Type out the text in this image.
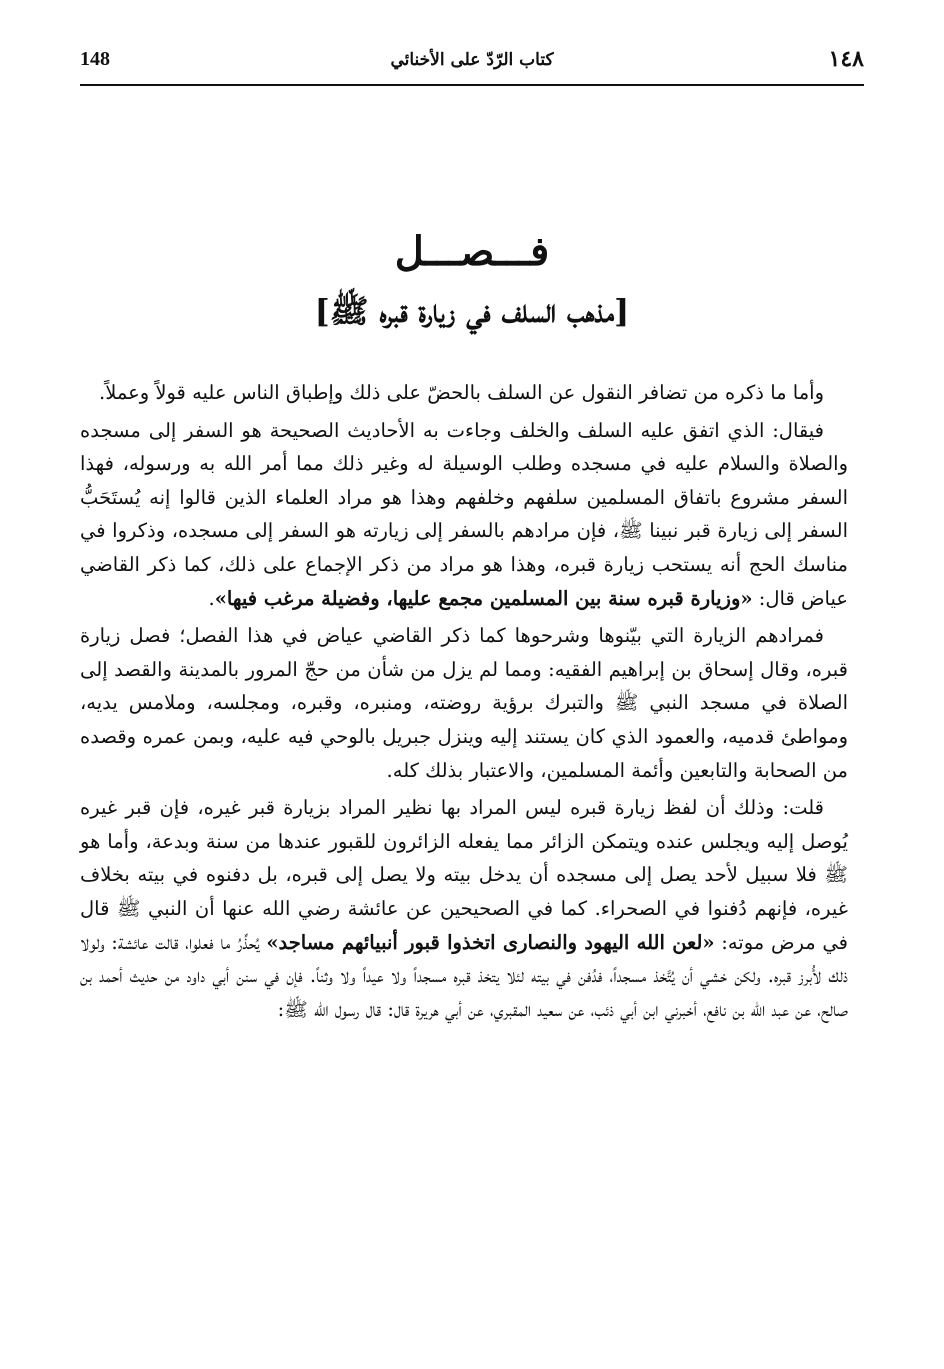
١٤٨
كتاب الرّدّ على الأخنائي
148
فـــصـــل
[مذهب السلف في زيارة قبره ﷺ]

وأما ما ذكره من تضافر النقول عن السلف بالحضّ على ذلك وإطباق الناس عليه قولاً وعملاً.

فيقال: الذي اتفق عليه السلف والخلف وجاءت به الأحاديث الصحيحة هو السفر إلى مسجده والصلاة والسلام عليه في مسجده وطلب الوسيلة له وغير ذلك مما أمر الله به ورسوله، فهذا السفر مشروع باتفاق المسلمين سلفهم وخلفهم وهذا هو مراد العلماء الذين قالوا إنه يُستَحَبُّ السفر إلى زيارة قبر نبينا ﷺ، فإن مرادهم بالسفر إلى زيارته هو السفر إلى مسجده، وذكروا في مناسك الحج أنه يستحب زيارة قبره، وهذا هو مراد من ذكر الإجماع على ذلك، كما ذكر القاضي عياض قال: «وزيارة قبره سنة بين المسلمين مجمع عليها، وفضيلة مرغب فيها».

فمرادهم الزيارة التي بيّنوها وشرحوها كما ذكر القاضي عياض في هذا الفصل؛ فصل زيارة قبره، وقال إسحاق بن إبراهيم الفقيه: ومما لم يزل من شأن من حجّ المرور بالمدينة والقصد إلى الصلاة في مسجد النبي ﷺ والتبرك برؤية روضته، ومنبره، وقبره، ومجلسه، وملامس يديه، ومواطئ قدميه، والعمود الذي كان يستند إليه وينزل جبريل بالوحي فيه عليه، وبمن عمره وقصده من الصحابة والتابعين وأئمة المسلمين، والاعتبار بذلك كله.

قلت: وذلك أن لفظ زيارة قبره ليس المراد بها نظير المراد بزيارة قبر غيره، فإن قبر غيره يُوصل إليه ويجلس عنده ويتمكن الزائر مما يفعله الزائرون للقبور عندها من سنة وبدعة، وأما هو ﷺ فلا سبيل لأحد يصل إلى مسجده أن يدخل بيته ولا يصل إلى قبره، بل دفنوه في بيته بخلاف غيره، فإنهم دُفنوا في الصحراء. كما في الصحيحين عن عائشة رضي الله عنها أن النبي ﷺ قال في مرض موته: «لعن الله اليهود والنصارى اتخذوا قبور أنبيائهم مساجد» يُحذِّرُ ما فعلوا، قالت عائشة: ولولا ذلك لأُبرز قبره. ولكن خشي أن يُتَّخذ مسجداً، فدُفن في بيته لئلا يتخذ قبره مسجداً ولا عيداً ولا وثناً. فإن في سنن أبي داود من حديث أحمد بن صالح، عن عبد الله بن نافع، أخبرني ابن أبي ذئب، عن سعيد المقبري، عن أبي هريرة قال: قال رسول الله ﷺ:
